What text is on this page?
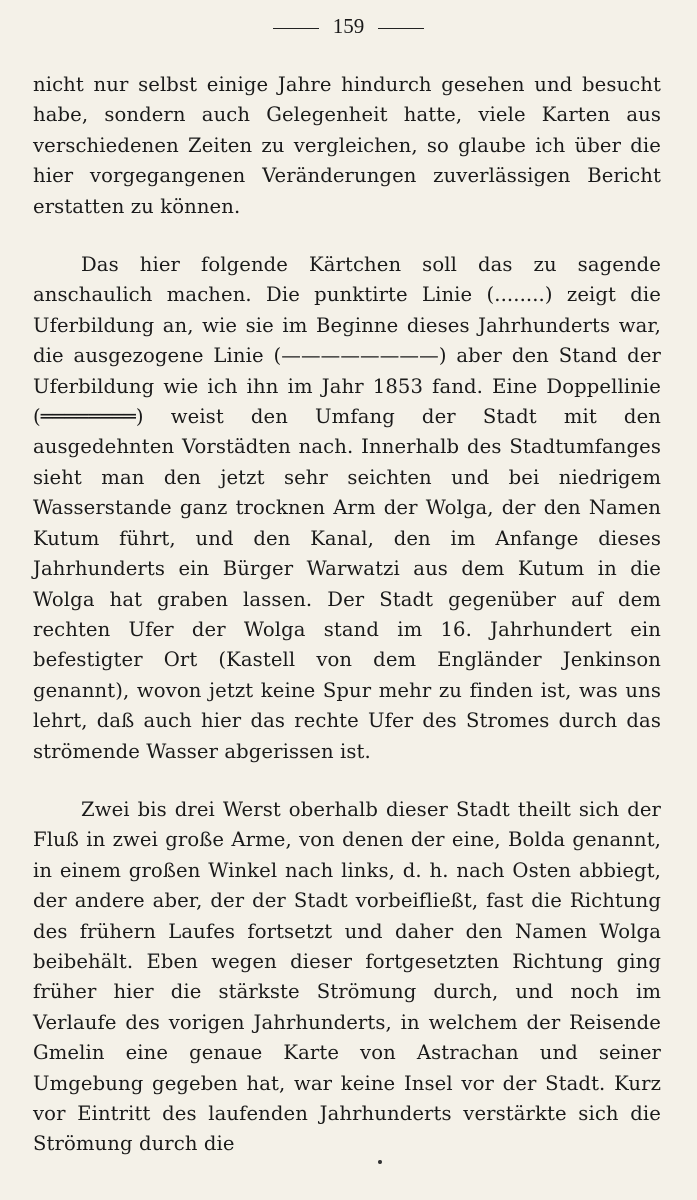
159

nicht nur selbst einige Jahre hindurch gesehen und besucht habe, sondern auch Gelegenheit hatte, viele Karten aus verschiedenen Zeiten zu vergleichen, so glaube ich über die hier vorgegangenen Veränderungen zuverlässigen Bericht erstatten zu können.

Das hier folgende Kärtchen soll das zu sagende anschaulich machen. Die punktirte Linie (........) zeigt die Uferbildung an, wie sie im Beginne dieses Jahrhunderts war, die ausgezogene Linie (————————) aber den Stand der Uferbildung wie ich ihn im Jahr 1853 fand. Eine Doppellinie (════════) weist den Umfang der Stadt mit den ausgedehnten Vorstädten nach. Innerhalb des Stadtumfanges sieht man den jetzt sehr seichten und bei niedrigem Wasserstande ganz trocknen Arm der Wolga, der den Namen Kutum führt, und den Kanal, den im Anfange dieses Jahrhunderts ein Bürger Warwatzi aus dem Kutum in die Wolga hat graben lassen. Der Stadt gegenüber auf dem rechten Ufer der Wolga stand im 16. Jahrhundert ein befestigter Ort (Kastell von dem Engländer Jenkinson genannt), wovon jetzt keine Spur mehr zu finden ist, was uns lehrt, daß auch hier das rechte Ufer des Stromes durch das strömende Wasser abgerissen ist.

Zwei bis drei Werst oberhalb dieser Stadt theilt sich der Fluß in zwei große Arme, von denen der eine, Bolda genannt, in einem großen Winkel nach links, d. h. nach Osten abbiegt, der andere aber, der der Stadt vorbeifließt, fast die Richtung des frühern Laufes fortsetzt und daher den Namen Wolga beibehält. Eben wegen dieser fortgesetzten Richtung ging früher hier die stärkste Strömung durch, und noch im Verlaufe des vorigen Jahrhunderts, in welchem der Reisende Gmelin eine genaue Karte von Astrachan und seiner Umgebung gegeben hat, war keine Insel vor der Stadt. Kurz vor Eintritt des laufenden Jahrhunderts verstärkte sich die Strömung durch die
